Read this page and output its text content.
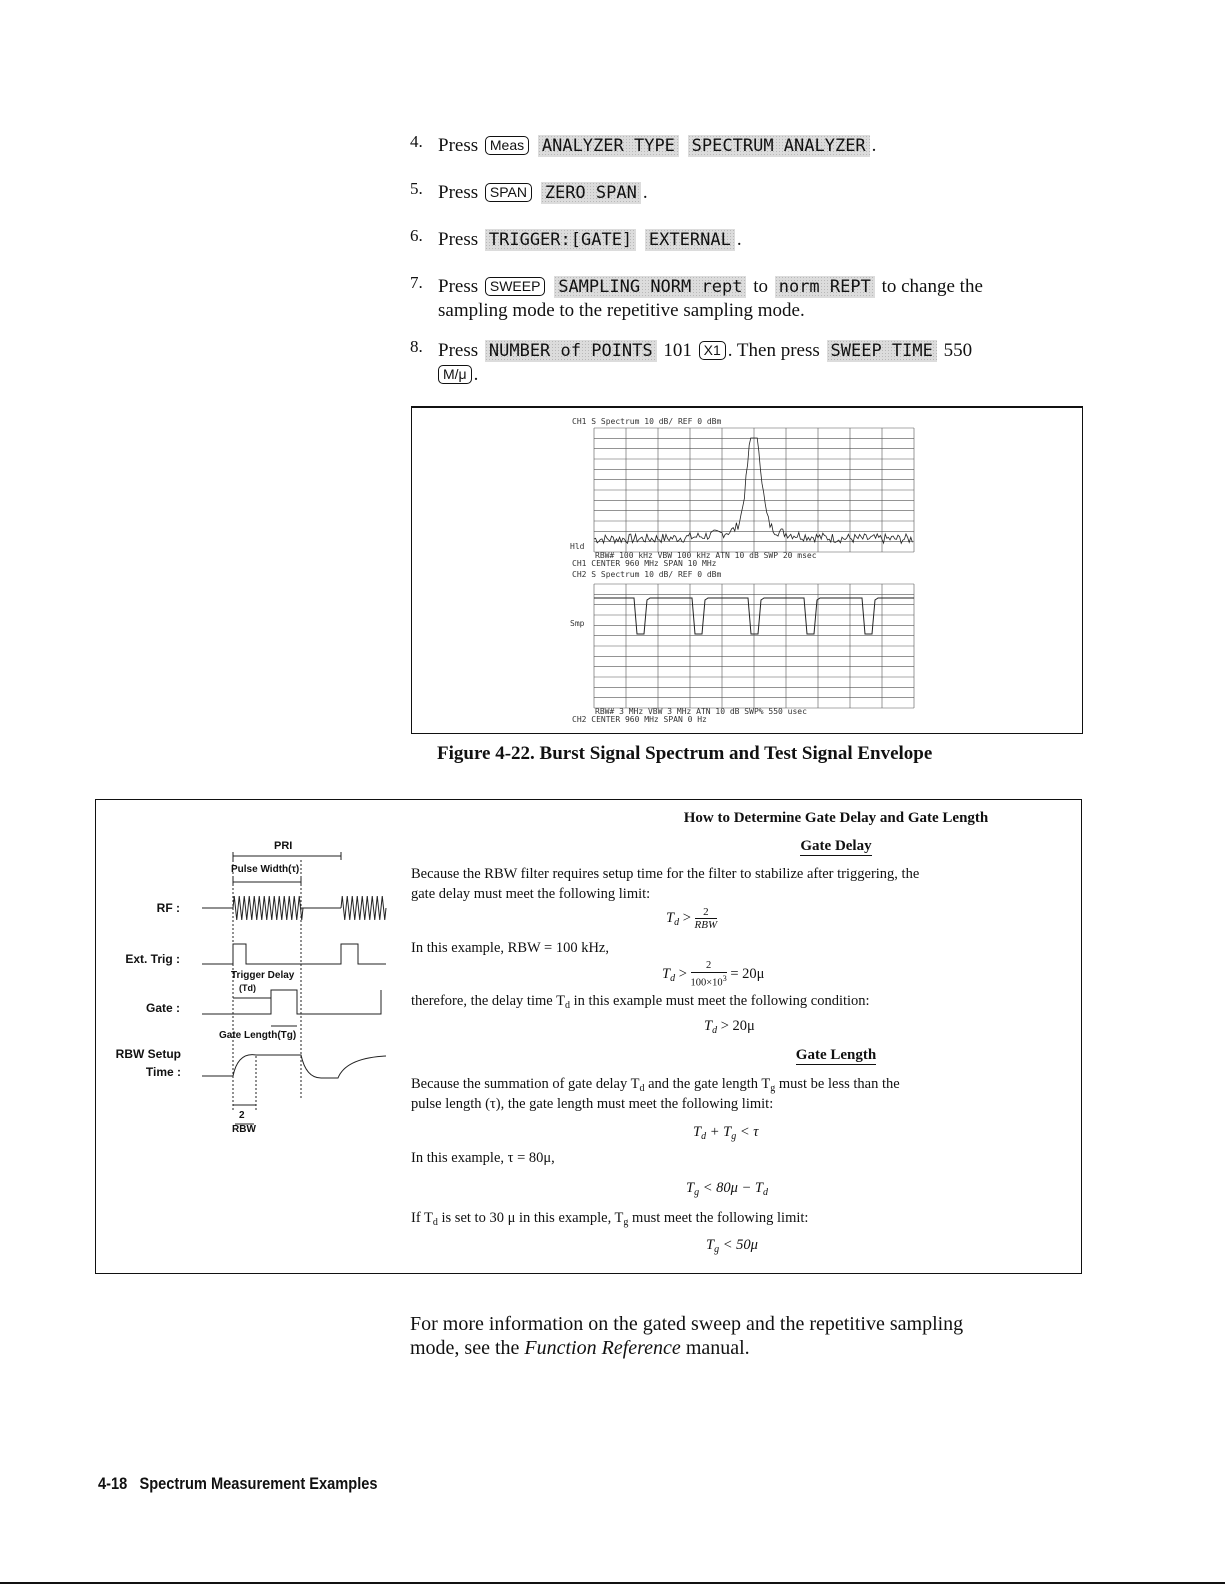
4. Press Meas ANALYZER TYPE SPECTRUM ANALYZER .
5. Press SPAN ZERO SPAN .
6. Press TRIGGER:[GATE] EXTERNAL .
7. Press SWEEP SAMPLING NORM rept to norm REPT to change the
sampling mode to the repetitive sampling mode.
8. Press NUMBER of POINTS 101 X1 . Then press SWEEP TIME 550
M/μ .
CH1 S Spectrum 10 dB/ REF 0 dBm
Hld
RBW# 100 kHz VBW 100 kHz ATN 10 dB SWP 20 msec
CH1 CENTER 960 MHz SPAN 10 MHz
CH2 S Spectrum 10 dB/ REF 0 dBm
Smp
RBW# 3 MHz VBW 3 MHz ATN 10 dB SWP% 550 usec
CH2 CENTER 960 MHz SPAN 0 Hz
Figure 4-22. Burst Signal Spectrum and Test Signal Envelope
PRI
Pulse Width(τ)
RF :
Ext. Trig :
Trigger Delay
(Td)
Gate :
Gate Length(Tg)
RBW Setup
Time :
2
RBW
How to Determine Gate Delay and Gate Length
Gate Delay
Because the RBW filter requires setup time for the filter to stabilize after triggering, the
gate delay must meet the following limit:
$T_d > 2$
RBW
In this example, RBW = 100 kHz,
$T_d > \frac{2}{100\times 10^3} = 20\mu$
therefore, the delay time $T_d$ in this example must meet the following condition:
$T_d > 20\mu$
Gate Length
Because the summation of gate delay $T_d$ and the gate length $T_g$ must be less than the
pulse length (τ), the gate length must meet the following limit:
$T_d + T_g < \tau$
In this example, τ = 80μ,
$T_g < 80\mu - T_d$
If $T_d$ is set to 30 μ in this example, $T_g$ must meet the following limit:
$T_g < 50\mu$
For more information on the gated sweep and the repetitive sampling
mode, see the Function Reference manual.
4-18 Spectrum Measurement Examples
